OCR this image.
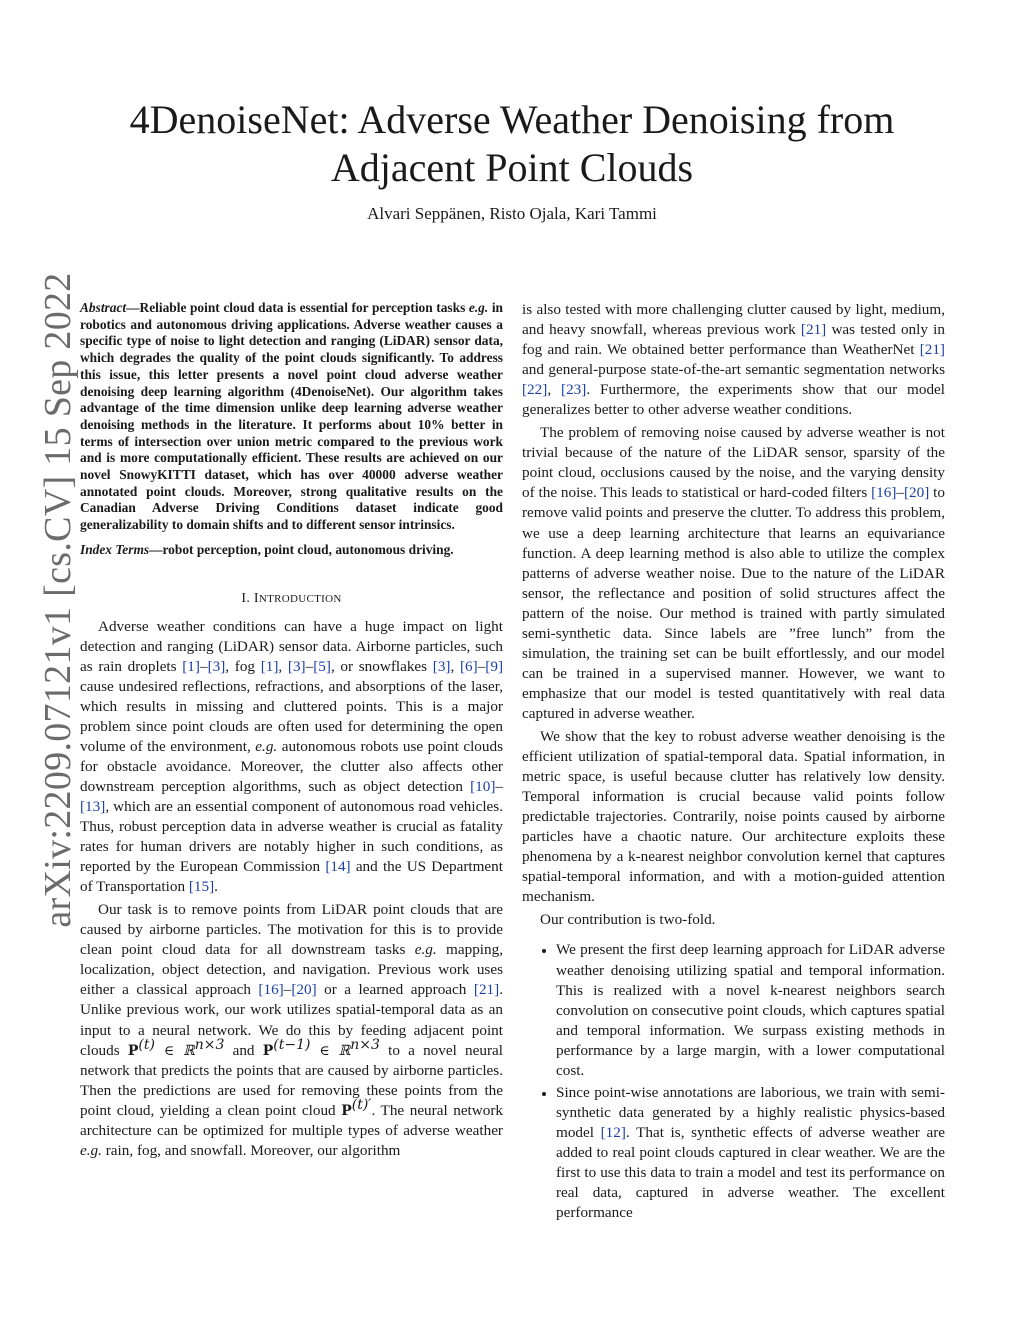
arXiv:2209.07121v1 [cs.CV] 15 Sep 2022
4DenoiseNet: Adverse Weather Denoising from Adjacent Point Clouds

Alvari Seppänen, Risto Ojala, Kari Tammi

Abstract—Reliable point cloud data is essential for perception tasks e.g. in robotics and autonomous driving applications. Adverse weather causes a specific type of noise to light detection and ranging (LiDAR) sensor data, which degrades the quality of the point clouds significantly. To address this issue, this letter presents a novel point cloud adverse weather denoising deep learning algorithm (4DenoiseNet). Our algorithm takes advantage of the time dimension unlike deep learning adverse weather denoising methods in the literature. It performs about 10% better in terms of intersection over union metric compared to the previous work and is more computationally efficient. These results are achieved on our novel SnowyKITTI dataset, which has over 40000 adverse weather annotated point clouds. Moreover, strong qualitative results on the Canadian Adverse Driving Conditions dataset indicate good generalizability to domain shifts and to different sensor intrinsics.

Index Terms—robot perception, point cloud, autonomous driving.

I. INTRODUCTION

Adverse weather conditions can have a huge impact on light detection and ranging (LiDAR) sensor data. Airborne particles, such as rain droplets [1]–[3], fog [1], [3]–[5], or snowflakes [3], [6]–[9] cause undesired reflections, refractions, and absorptions of the laser, which results in missing and cluttered points. This is a major problem since point clouds are often used for determining the open volume of the environment, e.g. autonomous robots use point clouds for obstacle avoidance. Moreover, the clutter also affects other downstream perception algorithms, such as object detection [10]–[13], which are an essential component of autonomous road vehicles. Thus, robust perception data in adverse weather is crucial as fatality rates for human drivers are notably higher in such conditions, as reported by the European Commission [14] and the US Department of Transportation [15].

Our task is to remove points from LiDAR point clouds that are caused by airborne particles. The motivation for this is to provide clean point cloud data for all downstream tasks e.g. mapping, localization, object detection, and navigation. Previous work uses either a classical approach [16]–[20] or a learned approach [21]. Unlike previous work, our work utilizes spatial-temporal data as an input to a neural network. We do this by feeding adjacent point clouds $P^{(t)}$ ∈ ℝ$^{n\times 3}$ and $P^{(t-1)}$ ∈ ℝ$^{n\times 3}$ to a novel neural network that predicts the points that are caused by airborne particles. Then the predictions are used for removing these points from the point cloud, yielding a clean point cloud $P^{(t)'}$. The neural network architecture can be optimized for multiple types of adverse weather e.g. rain, fog, and snowfall. Moreover, our algorithm

is also tested with more challenging clutter caused by light, medium, and heavy snowfall, whereas previous work [21] was tested only in fog and rain. We obtained better performance than WeatherNet [21] and general-purpose state-of-the-art semantic segmentation networks [22], [23]. Furthermore, the experiments show that our model generalizes better to other adverse weather conditions.

The problem of removing noise caused by adverse weather is not trivial because of the nature of the LiDAR sensor, sparsity of the point cloud, occlusions caused by the noise, and the varying density of the noise. This leads to statistical or hard-coded filters [16]–[20] to remove valid points and preserve the clutter. To address this problem, we use a deep learning architecture that learns an equivariance function. A deep learning method is also able to utilize the complex patterns of adverse weather noise. Due to the nature of the LiDAR sensor, the reflectance and position of solid structures affect the pattern of the noise. Our method is trained with partly simulated semi-synthetic data. Since labels are ”free lunch” from the simulation, the training set can be built effortlessly, and our model can be trained in a supervised manner. However, we want to emphasize that our model is tested quantitatively with real data captured in adverse weather.

We show that the key to robust adverse weather denoising is the efficient utilization of spatial-temporal data. Spatial information, in metric space, is useful because clutter has relatively low density. Temporal information is crucial because valid points follow predictable trajectories. Contrarily, noise points caused by airborne particles have a chaotic nature. Our architecture exploits these phenomena by a k-nearest neighbor convolution kernel that captures spatial-temporal information, and with a motion-guided attention mechanism.

Our contribution is two-fold.

• We present the first deep learning approach for LiDAR adverse weather denoising utilizing spatial and temporal information. This is realized with a novel k-nearest neighbors search convolution on consecutive point clouds, which captures spatial and temporal information. We surpass existing methods in performance by a large margin, with a lower computational cost.
• Since point-wise annotations are laborious, we train with semi-synthetic data generated by a highly realistic physics-based model [12]. That is, synthetic effects of adverse weather are added to real point clouds captured in clear weather. We are the first to use this data to train a model and test its performance on real data, captured in adverse weather. The excellent performance
